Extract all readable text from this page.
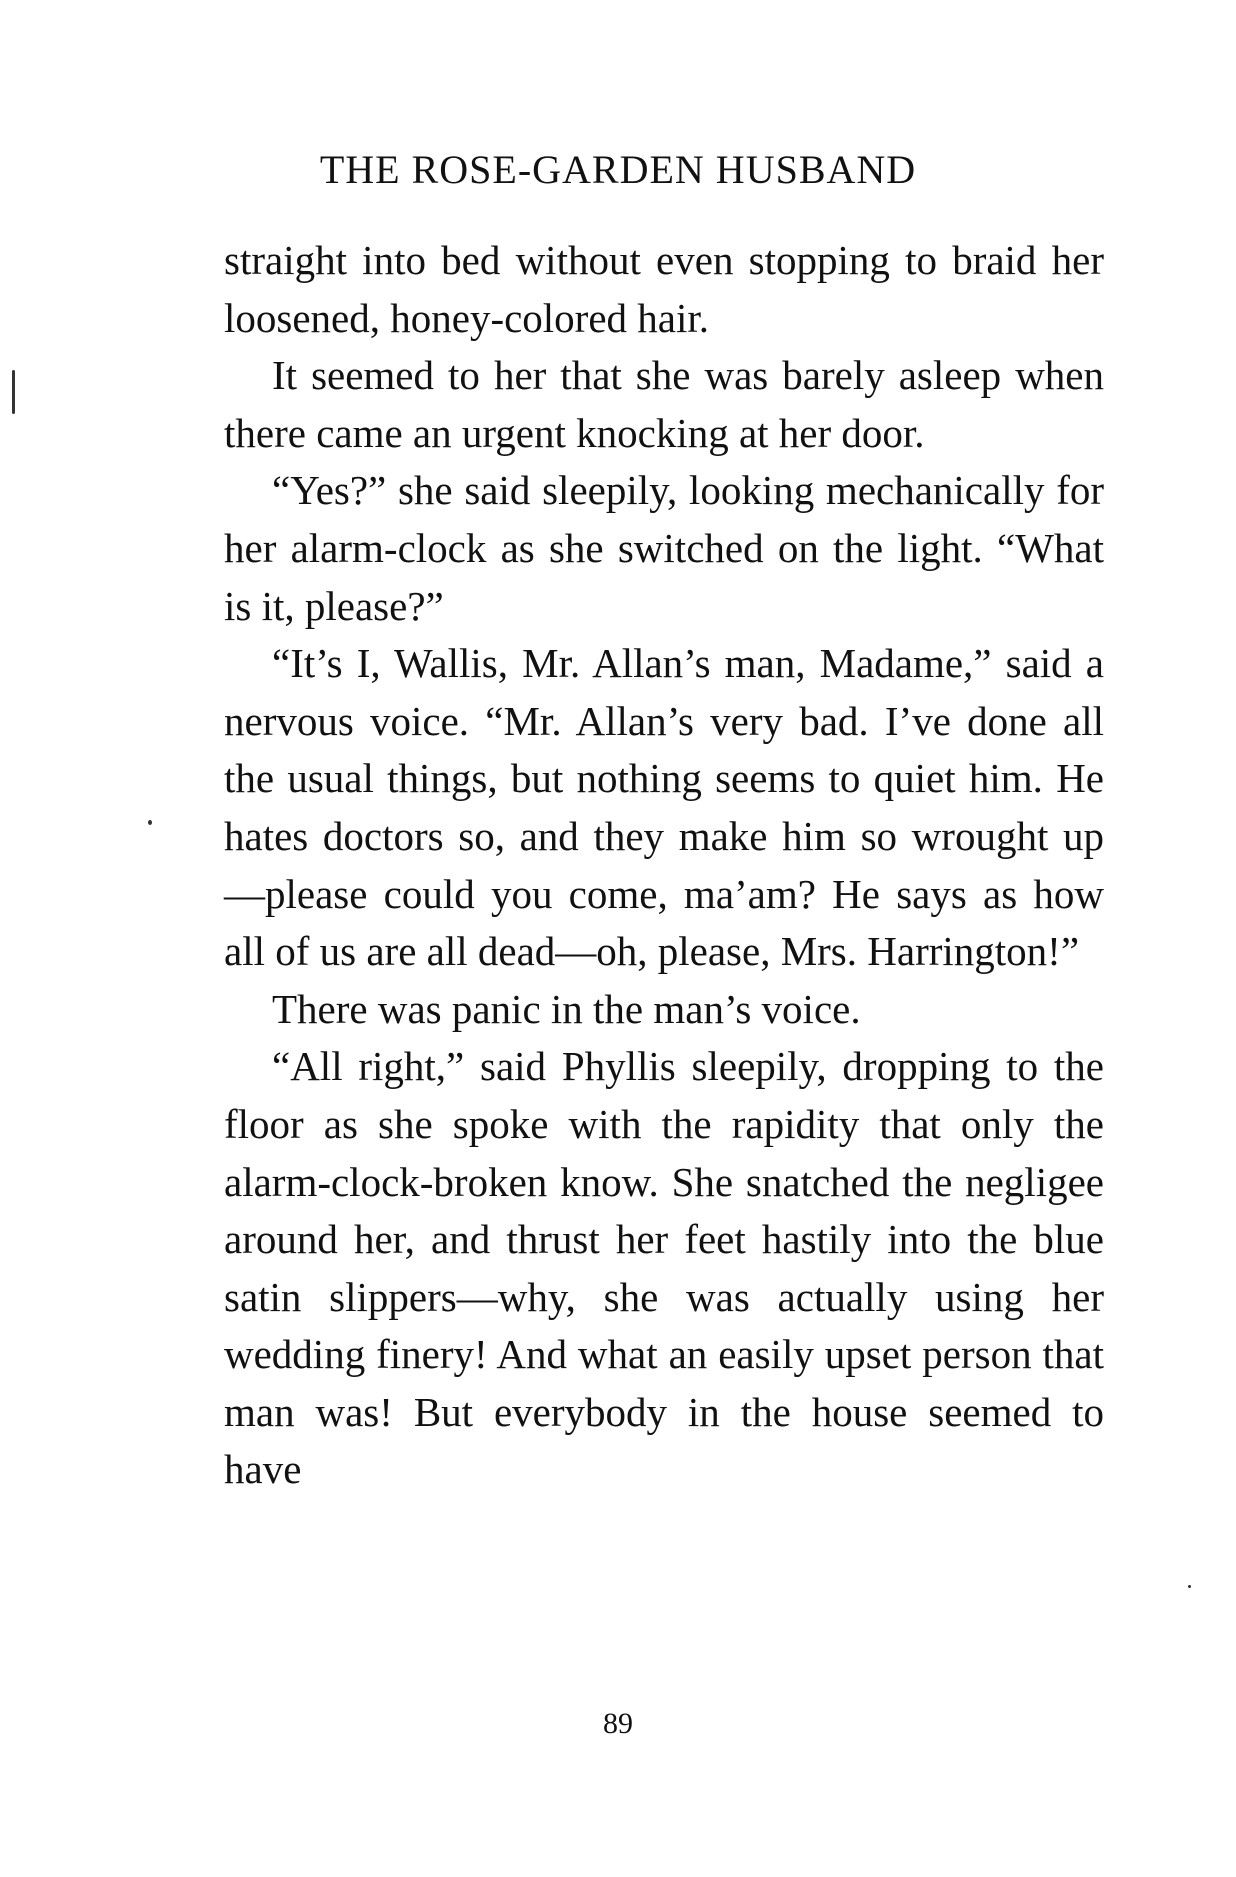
THE ROSE-GARDEN HUSBAND

straight into bed without even stopping to braid her loosened, honey-colored hair.

It seemed to her that she was barely asleep when there came an urgent knocking at her door.

“Yes?” she said sleepily, looking mechanically for her alarm-clock as she switched on the light. “What is it, please?”

“It’s I, Wallis, Mr. Allan’s man, Madame,” said a nervous voice. “Mr. Allan’s very bad. I’ve done all the usual things, but nothing seems to quiet him. He hates doctors so, and they make him so wrought up—please could you come, ma’am? He says as how all of us are all dead—oh, please, Mrs. Harrington!”

There was panic in the man’s voice.

“All right,” said Phyllis sleepily, dropping to the floor as she spoke with the rapidity that only the alarm-clock-broken know. She snatched the negligee around her, and thrust her feet hastily into the blue satin slippers—why, she was actually using her wedding finery! And what an easily upset person that man was! But everybody in the house seemed to have

89
